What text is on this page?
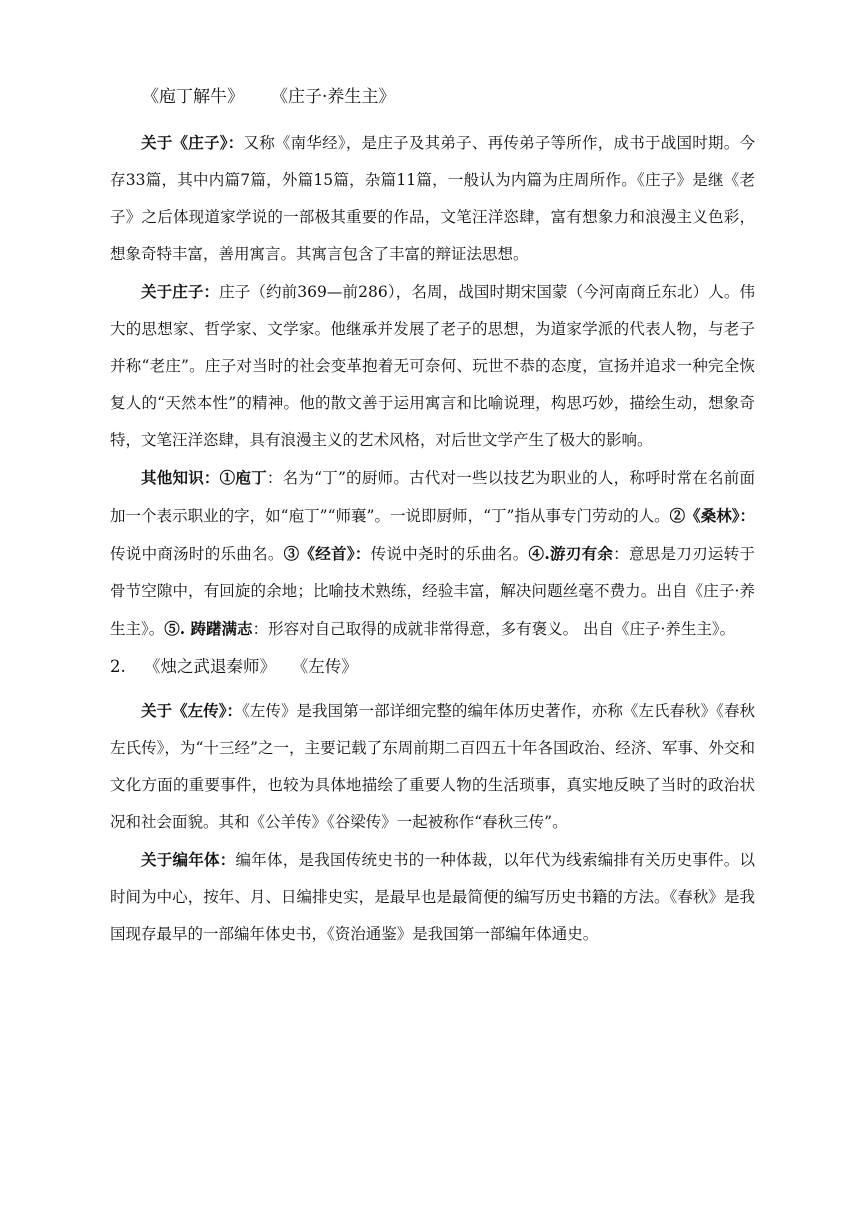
《庖丁解牛》 《庄子·养生主》

关于《庄子》：又称《南华经》，是庄子及其弟子、再传弟子等所作，成书于战国时期。今存33篇，其中内篇7篇，外篇15篇，杂篇11篇，一般认为内篇为庄周所作。《庄子》是继《老子》之后体现道家学说的一部极其重要的作品，文笔汪洋恣肆，富有想象力和浪漫主义色彩，想象奇特丰富，善用寓言。其寓言包含了丰富的辩证法思想。

关于庄子：庄子（约前369—前286），名周，战国时期宋国蒙（今河南商丘东北）人。伟大的思想家、哲学家、文学家。他继承并发展了老子的思想，为道家学派的代表人物，与老子并称“老庄”。庄子对当时的社会变革抱着无可奈何、玩世不恭的态度，宣扬并追求一种完全恢复人的“天然本性”的精神。他的散文善于运用寓言和比喻说理，构思巧妙，描绘生动，想象奇特，文笔汪洋恣肆，具有浪漫主义的艺术风格，对后世文学产生了极大的影响。

其他知识：①庖丁：名为“丁”的厨师。古代对一些以技艺为职业的人，称呼时常在名前面加一个表示职业的字，如“庖丁”“师襄”。一说即厨师，“丁”指从事专门劳动的人。②《桑林》：传说中商汤时的乐曲名。③《经首》：传说中尧时的乐曲名。④.游刃有余：意思是刀刃运转于骨节空隙中，有回旋的余地；比喻技术熟练，经验丰富，解决问题丝毫不费力。出自《庄子·养生主》。⑤. 踌躇满志：形容对自己取得的成就非常得意，多有褒义。 出自《庄子·养生主》。

2. 《烛之武退秦师》 《左传》

关于《左传》：《左传》是我国第一部详细完整的编年体历史著作，亦称《左氏春秋》《春秋左氏传》，为“十三经”之一，主要记载了东周前期二百四五十年各国政治、经济、军事、外交和文化方面的重要事件，也较为具体地描绘了重要人物的生活琐事，真实地反映了当时的政治状况和社会面貌。其和《公羊传》《谷梁传》一起被称作“春秋三传”。

关于编年体：编年体，是我国传统史书的一种体裁，以年代为线索编排有关历史事件。以时间为中心，按年、月、日编排史实，是最早也是最简便的编写历史书籍的方法。《春秋》是我国现存最早的一部编年体史书，《资治通鉴》是我国第一部编年体通史。
